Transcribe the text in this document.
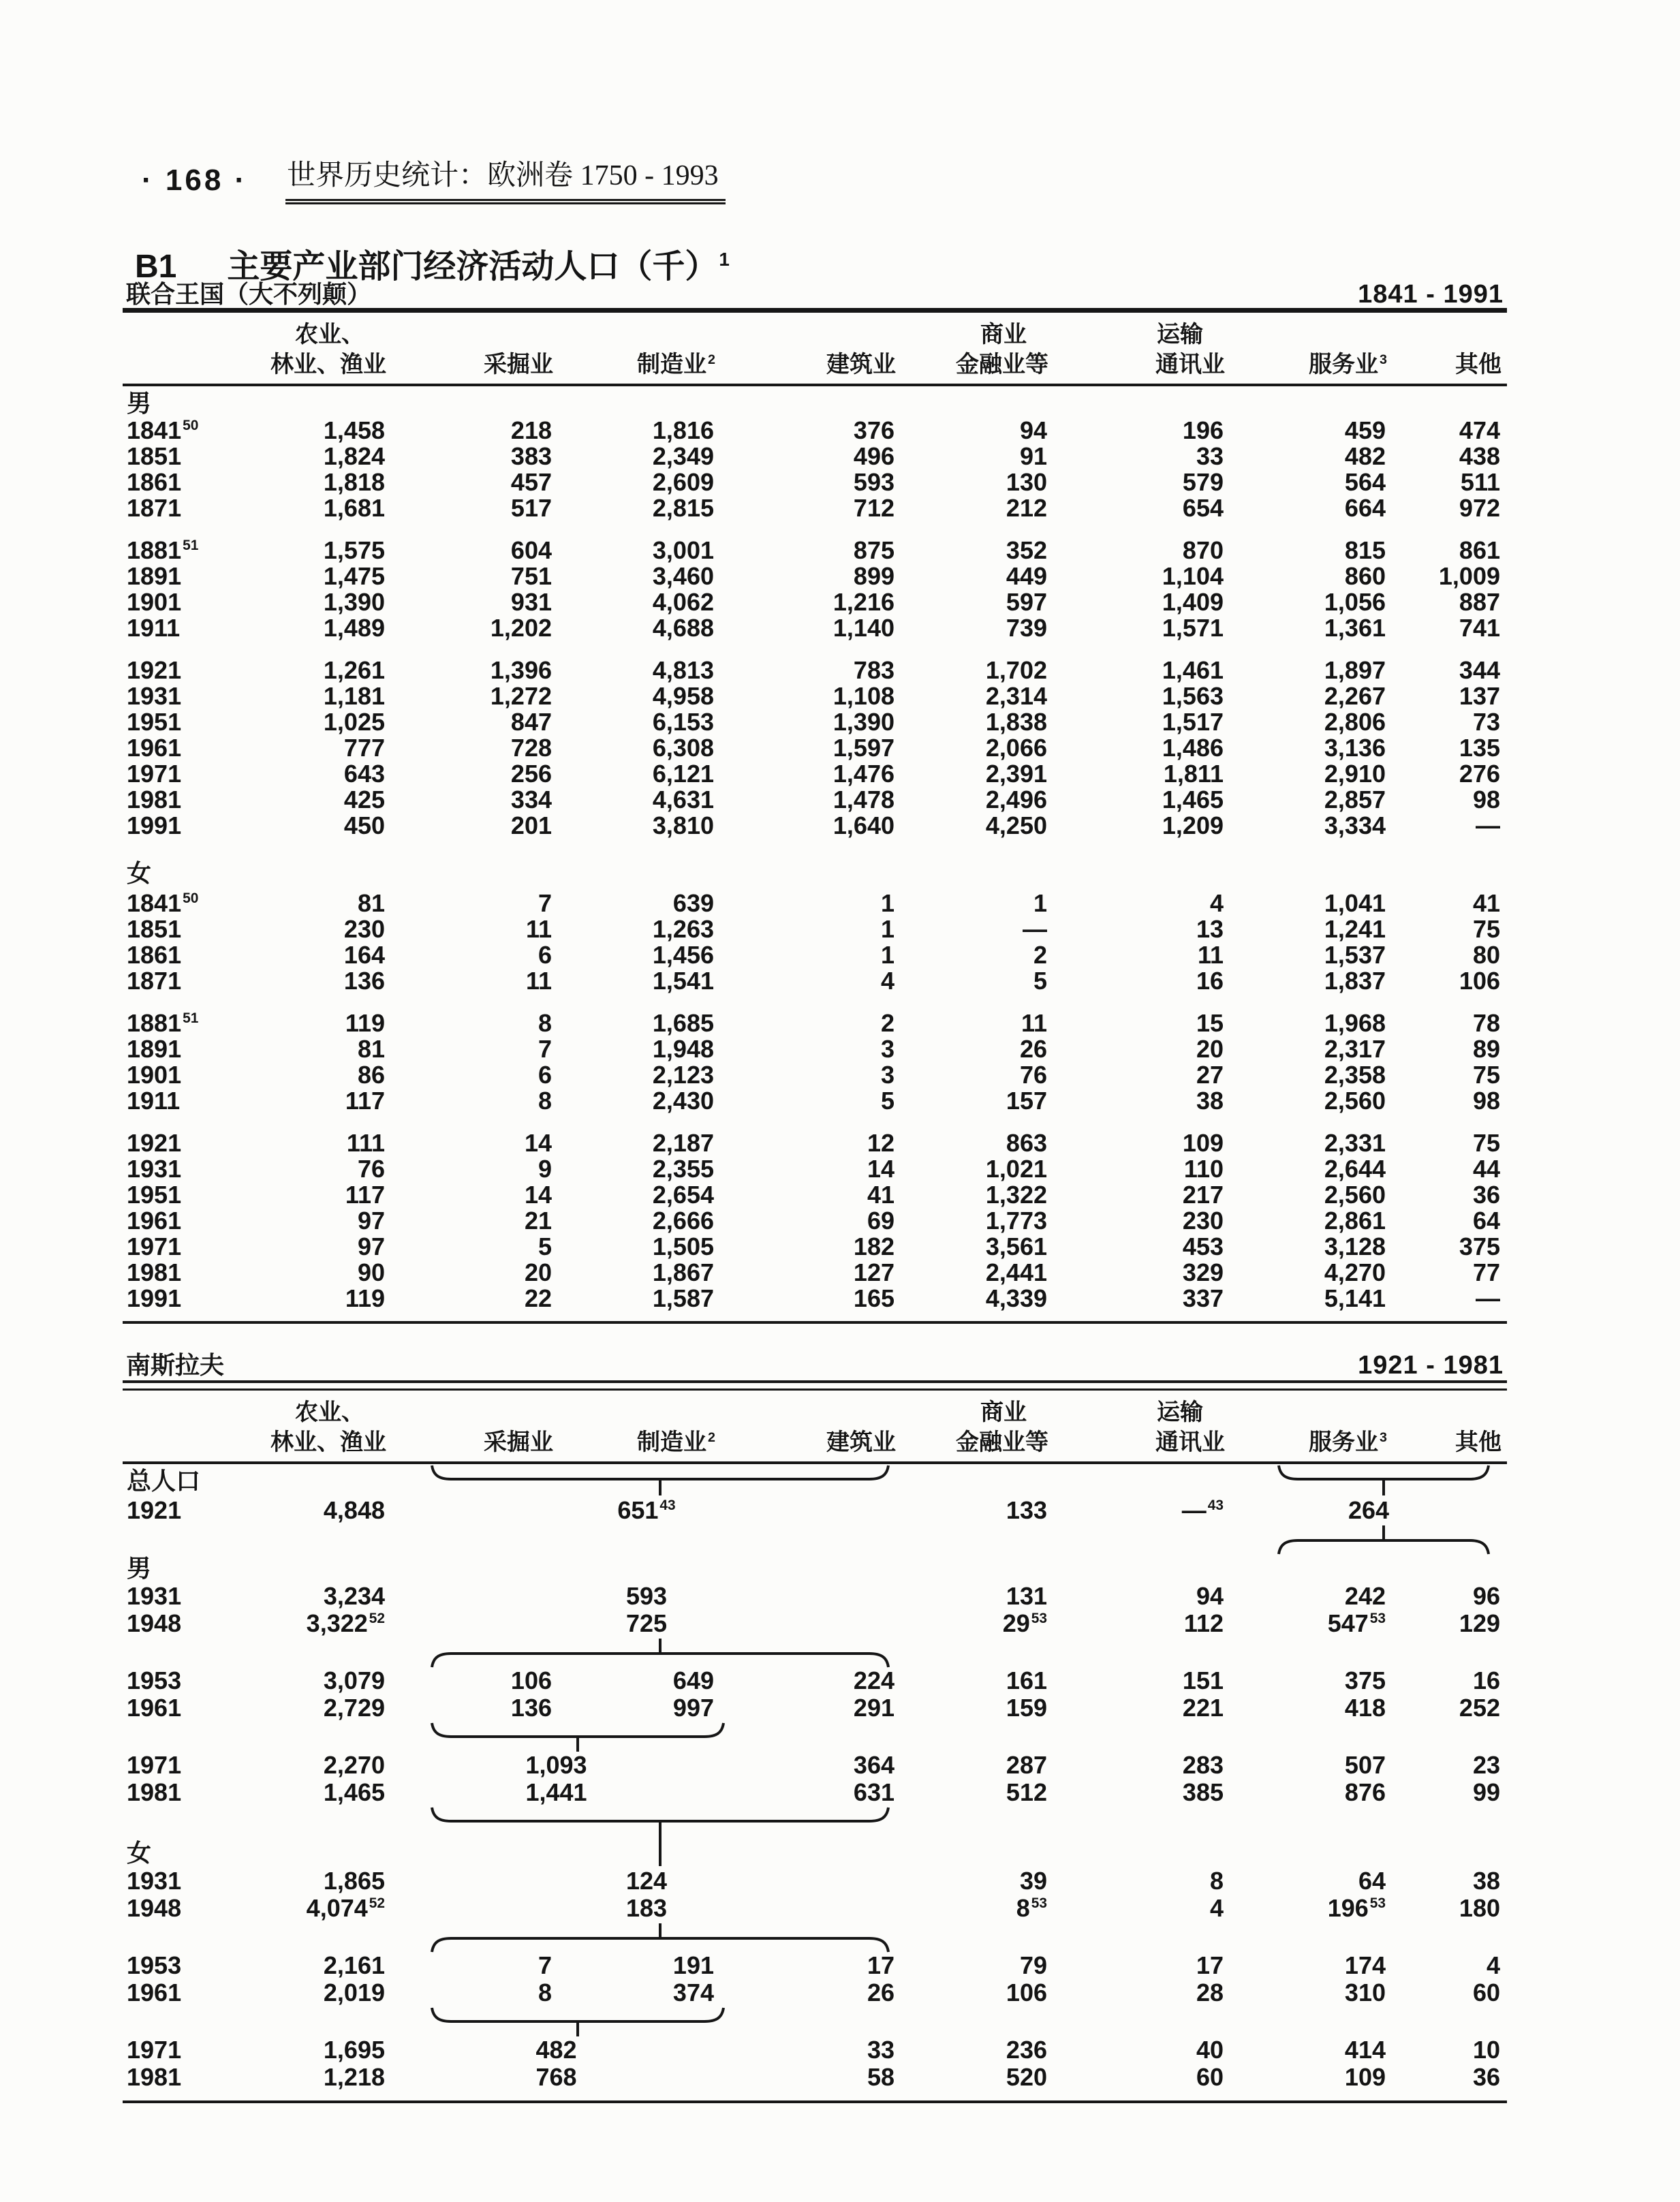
· 168 · 世界历史统计：欧洲卷 1750 - 1993
B1 主要产业部门经济活动人口（千）$^1$
联合王国（大不列颠）	1841 - 1991
农业、	商业	运输
林业、渔业	采掘业	制造业 $^2$	建筑业	金融业等	通讯业	服务业 $^3$	其他
男
1841$^{50}$	1,458	218	1,816	376	94	196	459	474
1851	1,824	383	2,349	496	91	33	482	438
1861	1,818	457	2,609	593	130	579	564	511
1871	1,681	517	2,815	712	212	654	664	972
1881$^{51}$	1,575	604	3,001	875	352	870	815	861
1891	1,475	751	3,460	899	449	1,104	860	1,009
1901	1,390	931	4,062	1,216	597	1,409	1,056	887
1911	1,489	1,202	4,688	1,140	739	1,571	1,361	741
1921	1,261	1,396	4,813	783	1,702	1,461	1,897	344
1931	1,181	1,272	4,958	1,108	2,314	1,563	2,267	137
1951	1,025	847	6,153	1,390	1,838	1,517	2,806	73
1961	777	728	6,308	1,597	2,066	1,486	3,136	135
1971	643	256	6,121	1,476	2,391	1,811	2,910	276
1981	425	334	4,631	1,478	2,496	1,465	2,857	98
1991	450	201	3,810	1,640	4,250	1,209	3,334	—
女
1841$^{50}$	81	7	639	1	1	4	1,041	41
1851	230	11	1,263	1	—	13	1,241	75
1861	164	6	1,456	1	2	11	1,537	80
1871	136	11	1,541	4	5	16	1,837	106
1881$^{51}$	119	8	1,685	2	11	15	1,968	78
1891	81	7	1,948	3	26	20	2,317	89
1901	86	6	2,123	3	76	27	2,358	75
1911	117	8	2,430	5	157	38	2,560	98
1921	111	14	2,187	12	863	109	2,331	75
1931	76	9	2,355	14	1,021	110	2,644	44
1951	117	14	2,654	41	1,322	217	2,560	36
1961	97	21	2,666	69	1,773	230	2,861	64
1971	97	5	1,505	182	3,561	453	3,128	375
1981	90	20	1,867	127	2,441	329	4,270	77
1991	119	22	1,587	165	4,339	337	5,141	—
南斯拉夫	1921 - 1981
农业、	商业	运输
林业、渔业	采掘业	制造业 $^2$	建筑业	金融业等	通讯业	服务业 $^3$	其他
总人口
1921	4,848	$651^{43}$	133	—$^{43}$	264
男
1931	3,234	593	131	94	242	96
1948	3,322$^{52}$	725	$29^{53}$	112	$547^{53}$	129
1953	3,079	106	649	224	161	151	375	16
1961	2,729	136	997	291	159	221	418	252
1971	2,270	1,093	364	287	283	507	23
1981	1,465	1,441	631	512	385	876	99
女
1931	1,865	124	39	8	64	38
1948	4,074$^{52}$	183	$8^{53}$	4	$196^{53}$	180
1953	2,161	7	191	17	79	17	174	4
1961	2,019	8	374	26	106	28	310	60
1971	1,695	482	33	236	40	414	10
1981	1,218	768	58	520	60	109	36
